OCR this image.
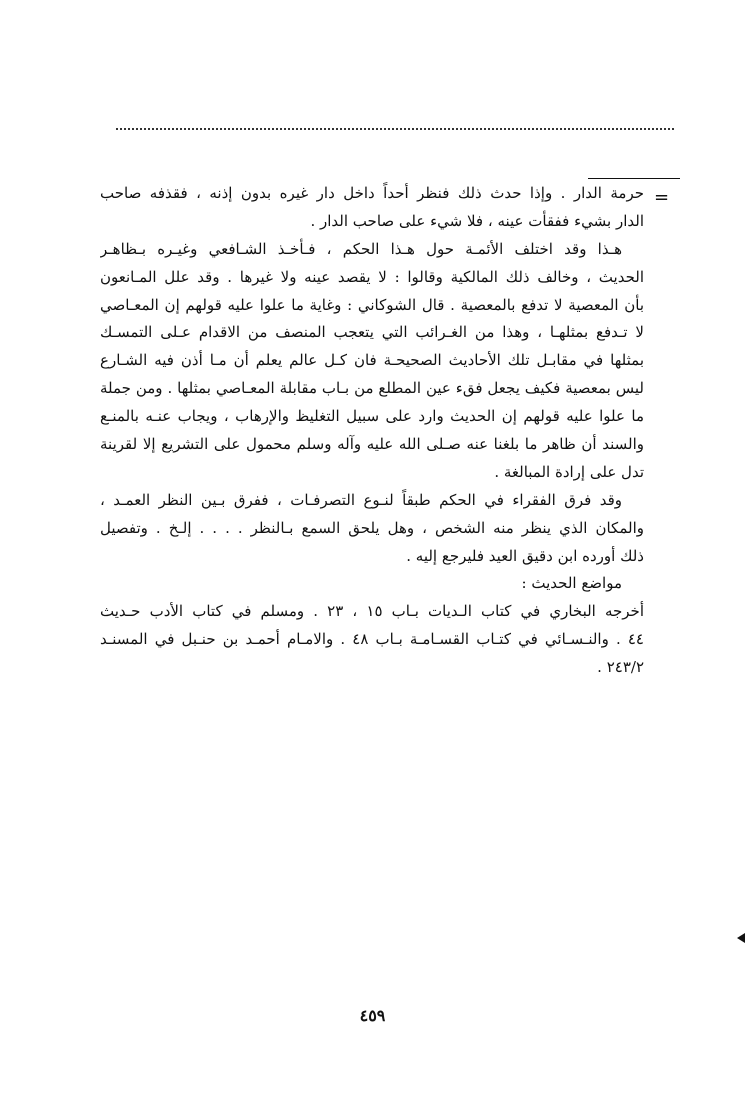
=
حرمة الدار . وإذا حدث ذلك فنظر أحداً داخل دار غيره بدون إذنه ، فقذفه صاحب
الدار بشيء ففقأت عينه ، فلا شيء على صاحب الدار .
هـذا وقد اختلف الأئمـة حول هـذا الحكم ، فـأخـذ الشـافعي وغيـره بـظاهـر
الحديث ، وخالف ذلك المالكية وقالوا : لا يقصد عينه ولا غيرها . وقد علل المـانعون
بأن المعصية لا تدفع بالمعصية . قال الشوكاني : وغاية ما علوا عليه قولهم إن المعـاصي
لا تـدفع بمثلهـا ، وهذا من الغـرائب التي يتعجب المنصف من الاقدام عـلى التمسـك
بمثلها في مقابـل تلك الأحاديث الصحيحـة فان كـل عالم يعلم أن مـا أذن فيه الشـارع
ليس بمعصية فكيف يجعل فقء عين المطلع من بـاب مقابلة المعـاصي بمثلها . ومن جملة
ما علوا عليه قولهم إن الحديث وارد على سبيل التغليظ والإرهاب ، ويجاب عنـه بالمنـع
والسند أن ظاهر ما بلغنا عنه صـلى الله عليه وآله وسلم محمول على التشريع إلا لقرينة
تدل على إرادة المبالغة .
وقد فرق الفقراء في الحكم طبقاً لنـوع التصرفـات ، ففرق بـين النظر العمـد ،
والمكان الذي ينظر منه الشخص ، وهل يلحق السمع بـالنظر . . . . إلـخ . وتفصيل
ذلك أورده ابن دقيق العيد فليرجع إليه .
مواضع الحديث :
أخرجه البخاري في كتاب الـديات بـاب ١٥ ، ٢٣ . ومسلم في كتاب الأدب حـديث
٤٤ . والنـسـائي في كتـاب القسـامـة بـاب ٤٨ . والامـام أحمـد بن حنـبل في المسنـد
٢٤٣/٢ .
٤٥٩
